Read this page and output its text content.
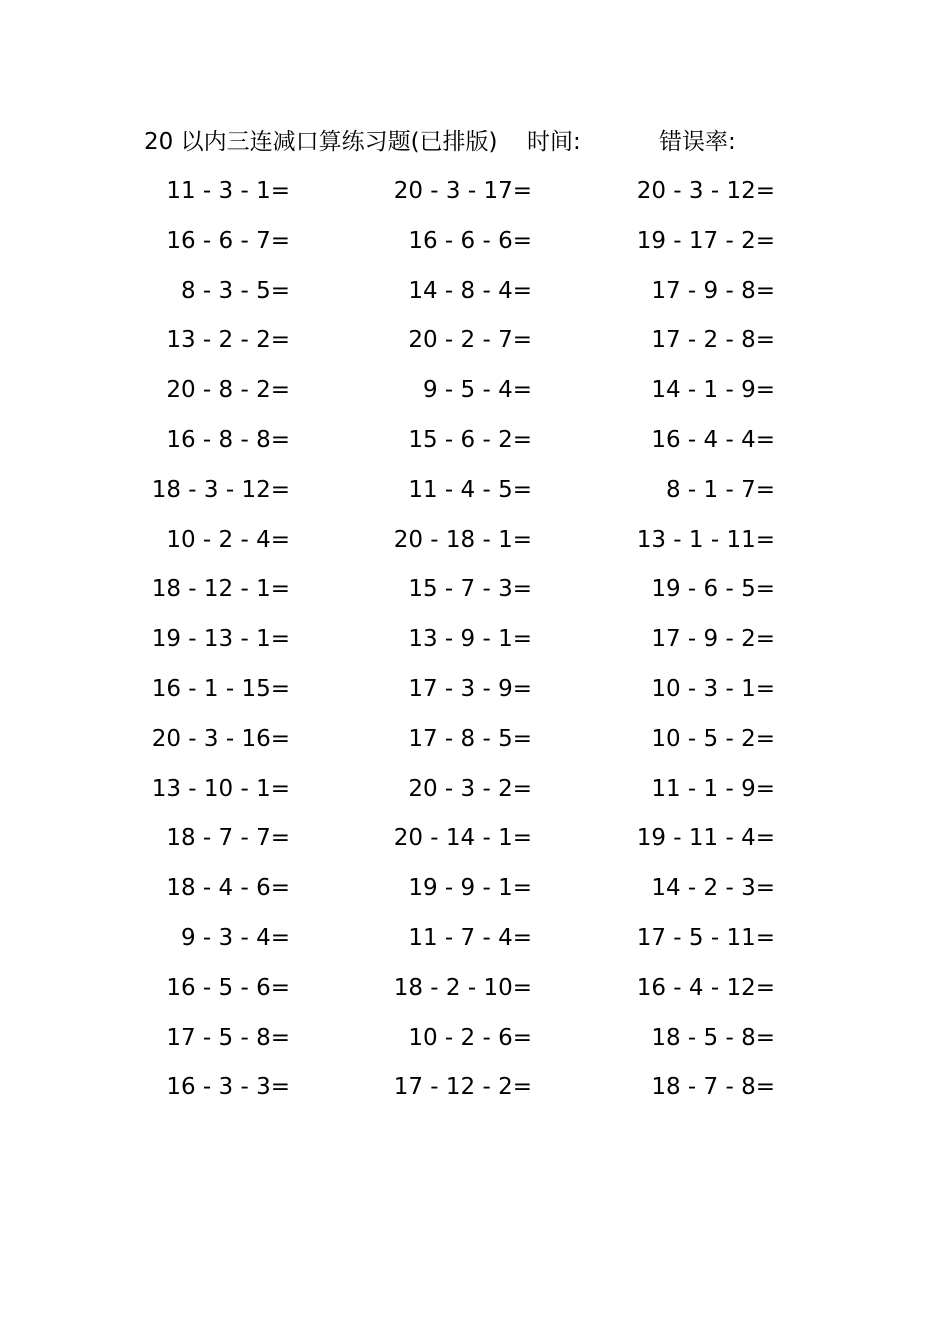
20 以内三连减口算练习题(已排版) 时间:	错误率:
11 - 3 - 1=	20 - 3 - 17=	20 - 3 - 12=
16 - 6 - 7=	16 - 6 - 6=	19 - 17 - 2=
8 - 3 - 5=	14 - 8 - 4=	17 - 9 - 8=
13 - 2 - 2=	20 - 2 - 7=	17 - 2 - 8=
20 - 8 - 2=	9 - 5 - 4=	14 - 1 - 9=
16 - 8 - 8=	15 - 6 - 2=	16 - 4 - 4=
18 - 3 - 12=	11 - 4 - 5=	8 - 1 - 7=
10 - 2 - 4=	20 - 18 - 1=	13 - 1 - 11=
18 - 12 - 1=	15 - 7 - 3=	19 - 6 - 5=
19 - 13 - 1=	13 - 9 - 1=	17 - 9 - 2=
16 - 1 - 15=	17 - 3 - 9=	10 - 3 - 1=
20 - 3 - 16=	17 - 8 - 5=	10 - 5 - 2=
13 - 10 - 1=	20 - 3 - 2=	11 - 1 - 9=
18 - 7 - 7=	20 - 14 - 1=	19 - 11 - 4=
18 - 4 - 6=	19 - 9 - 1=	14 - 2 - 3=
9 - 3 - 4=	11 - 7 - 4=	17 - 5 - 11=
16 - 5 - 6=	18 - 2 - 10=	16 - 4 - 12=
17 - 5 - 8=	10 - 2 - 6=	18 - 5 - 8=
16 - 3 - 3=	17 - 12 - 2=	18 - 7 - 8=
